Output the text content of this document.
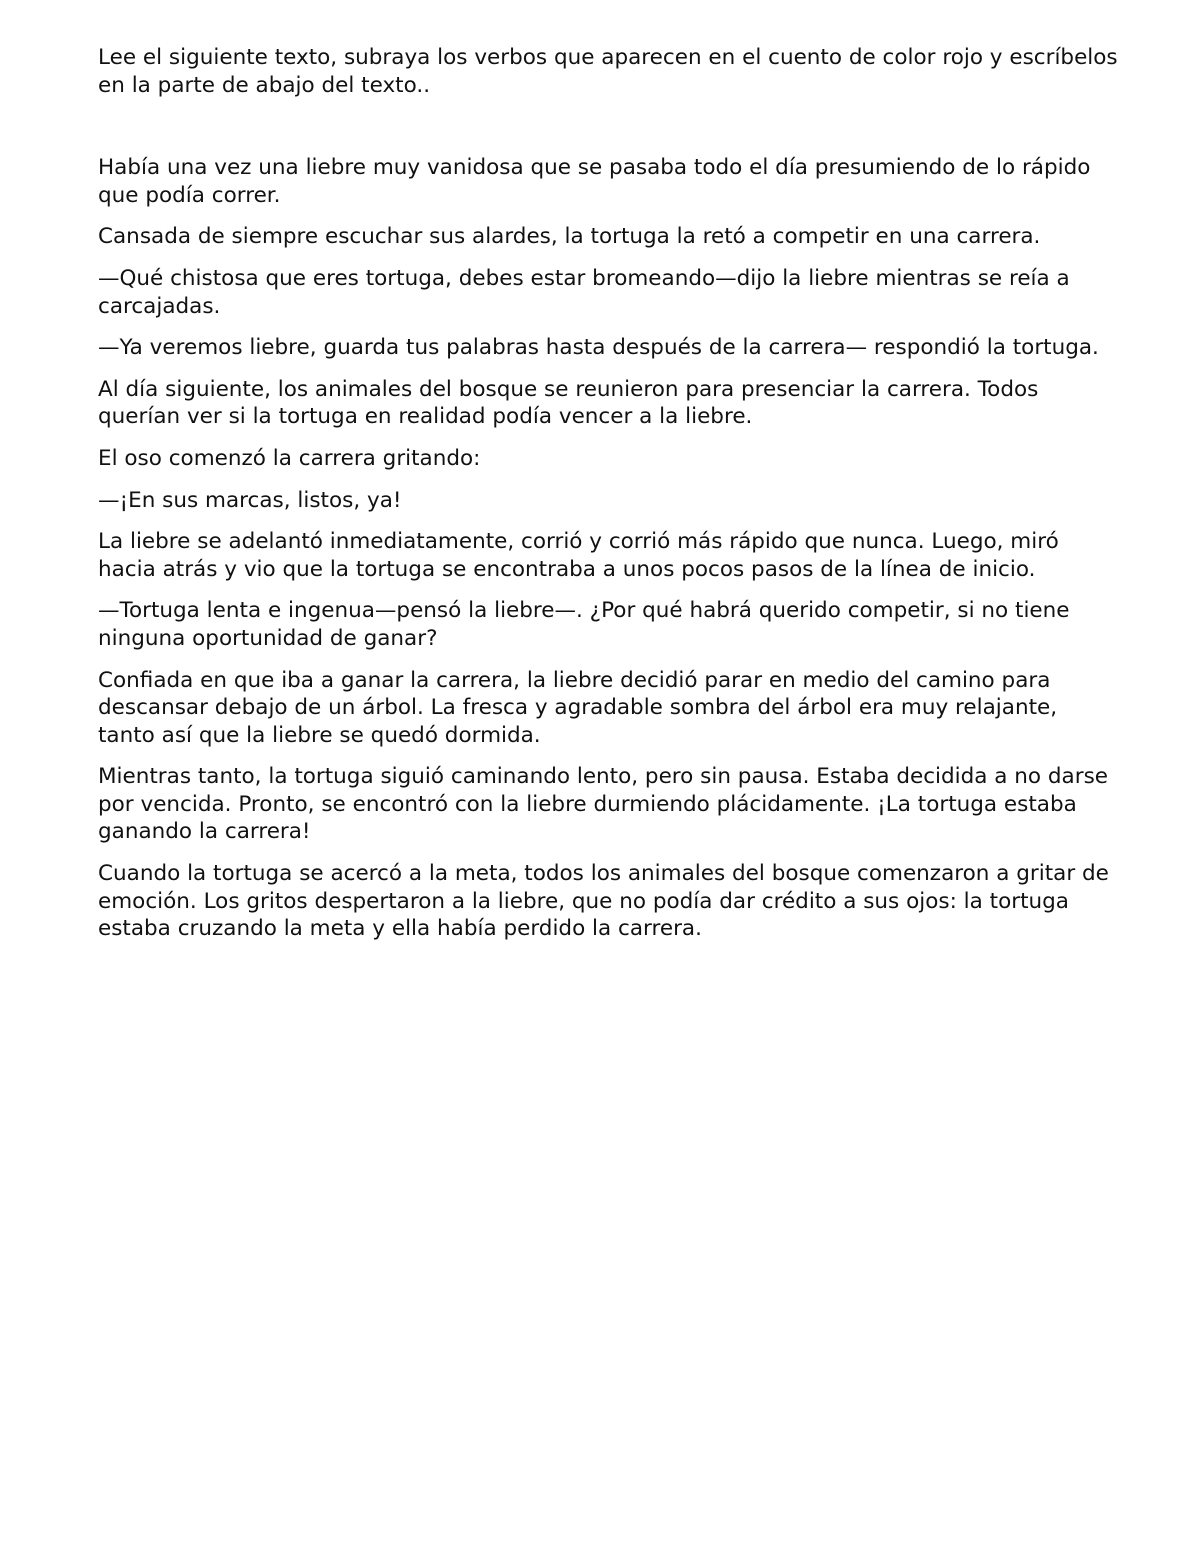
Lee el siguiente texto, subraya los verbos que aparecen en el cuento de color rojo y escríbelos en la parte de abajo del texto..

Había una vez una liebre muy vanidosa que se pasaba todo el día presumiendo de lo rápido que podía correr.

Cansada de siempre escuchar sus alardes, la tortuga la retó a competir en una carrera.

—Qué chistosa que eres tortuga, debes estar bromeando—dijo la liebre mientras se reía a carcajadas.

—Ya veremos liebre, guarda tus palabras hasta después de la carrera— respondió la tortuga.

Al día siguiente, los animales del bosque se reunieron para presenciar la carrera. Todos querían ver si la tortuga en realidad podía vencer a la liebre.

El oso comenzó la carrera gritando:

—¡En sus marcas, listos, ya!

La liebre se adelantó inmediatamente, corrió y corrió más rápido que nunca. Luego, miró hacia atrás y vio que la tortuga se encontraba a unos pocos pasos de la línea de inicio.

—Tortuga lenta e ingenua—pensó la liebre—. ¿Por qué habrá querido competir, si no tiene ninguna oportunidad de ganar?

Confiada en que iba a ganar la carrera, la liebre decidió parar en medio del camino para descansar debajo de un árbol. La fresca y agradable sombra del árbol era muy relajante, tanto así que la liebre se quedó dormida.

Mientras tanto, la tortuga siguió caminando lento, pero sin pausa. Estaba decidida a no darse por vencida. Pronto, se encontró con la liebre durmiendo plácidamente. ¡La tortuga estaba ganando la carrera!

Cuando la tortuga se acercó a la meta, todos los animales del bosque comenzaron a gritar de emoción. Los gritos despertaron a la liebre, que no podía dar crédito a sus ojos: la tortuga estaba cruzando la meta y ella había perdido la carrera.
